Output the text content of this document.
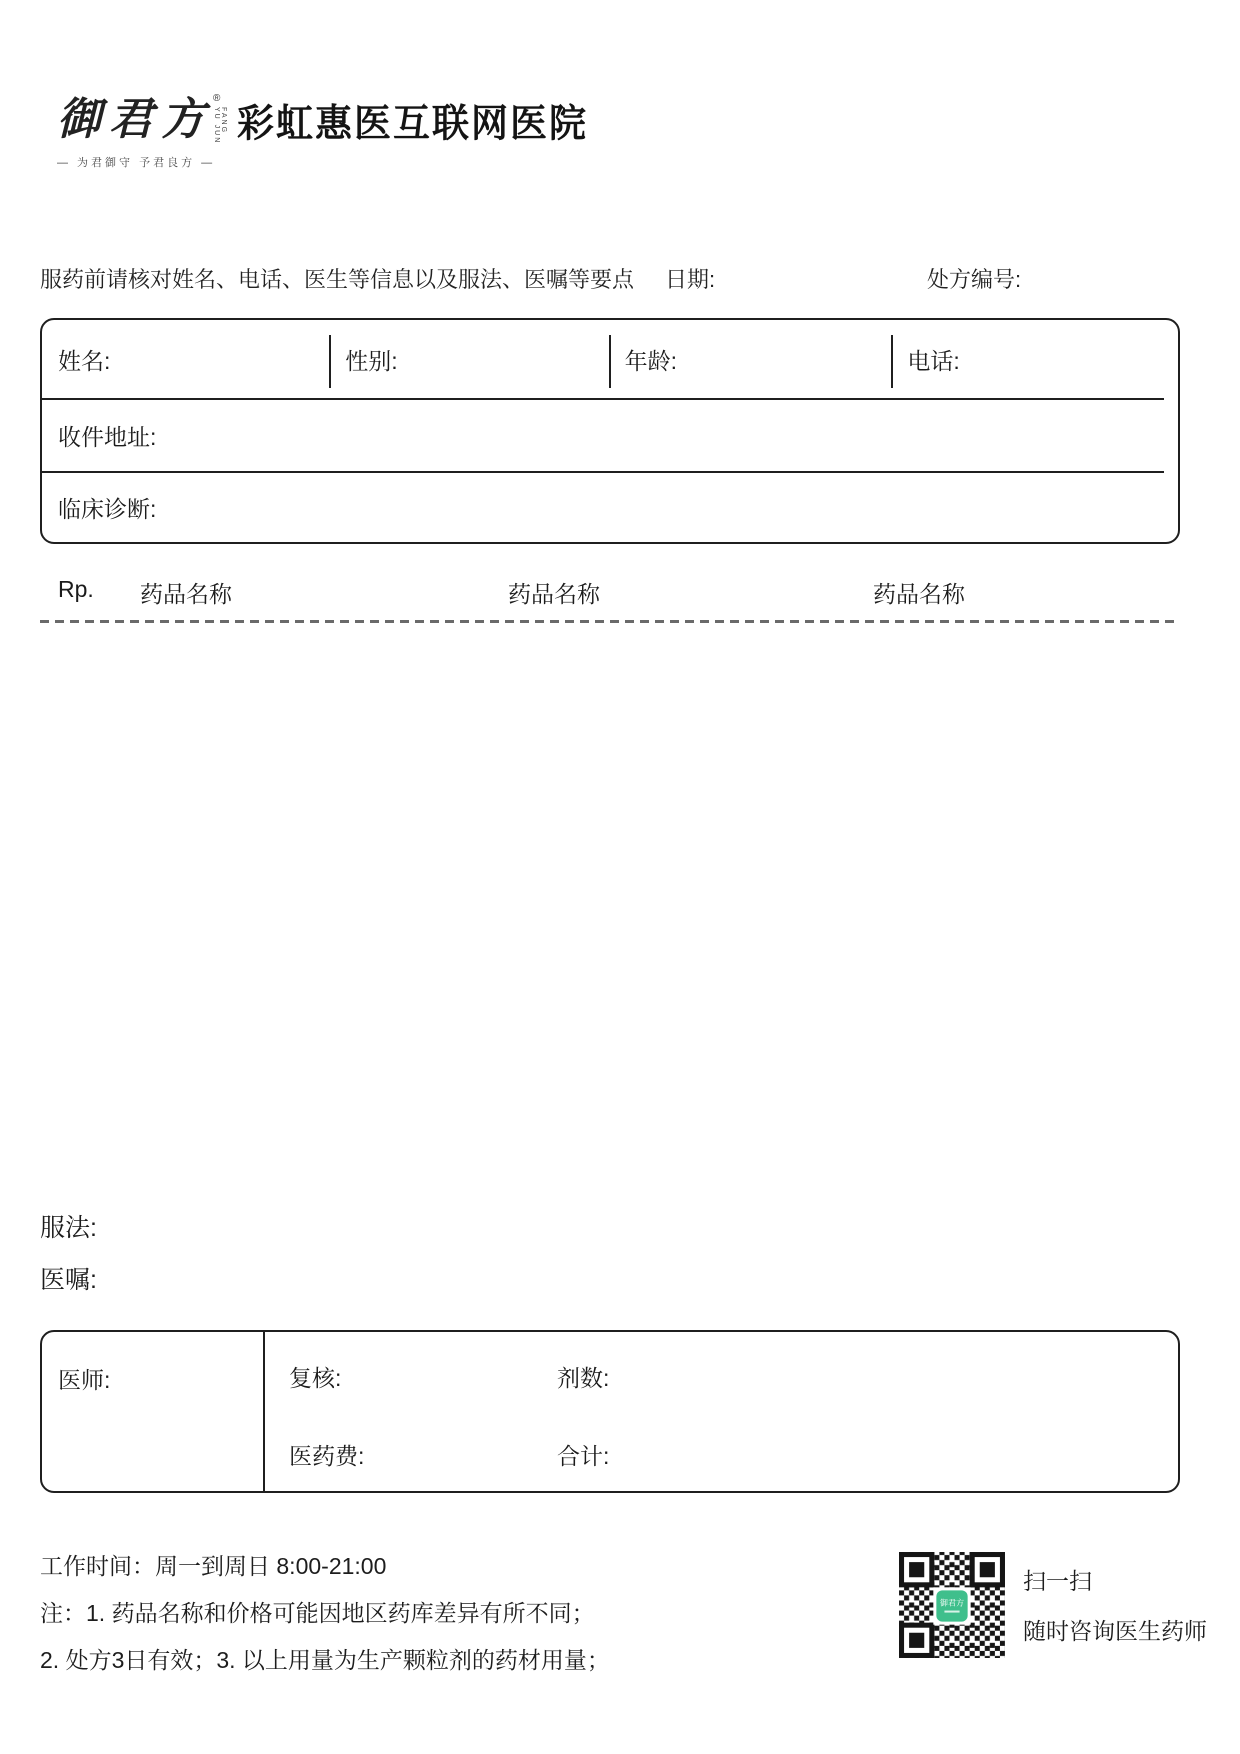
御君方 ®
YU JUN FANG
— 为君御守 予君良方 —
彩虹惠医互联网医院
服药前请核对姓名、电话、医生等信息以及服法、医嘱等要点 日期:	处方编号:
姓名:	性别:	年龄:	电话:
收件地址:
临床诊断:
Rp. 药品名称	药品名称	药品名称
服法:
医嘱:
医师:	复核:	剂数:
医药费:	合计:
工作时间：周一到周日 8:00-21:00
注：1. 药品名称和价格可能因地区药库差异有所不同；
2. 处方3日有效；3. 以上用量为生产颗粒剂的药材用量；
御君方
扫一扫
随时咨询医生药师
